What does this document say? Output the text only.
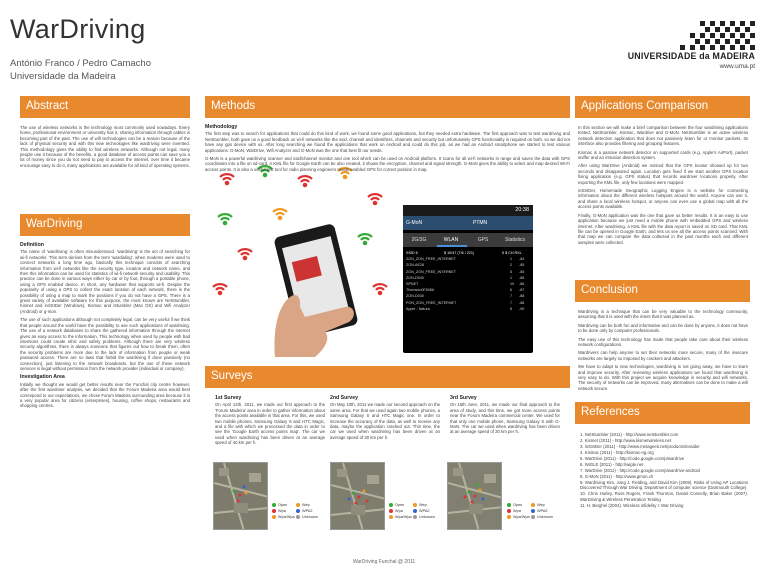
WarDriving
António Franco / Pedro Camacho
Universidade da Madeira
UNIVERSIDADE da MADEIRA
www.uma.pt
Abstract
The use of wireless networks is the technology most commonly used nowadays. Every home, professional environment or university has it, sharing information through cables is becoming part of the past. The use of wifi technologies can be a reason because of the lack of physical security and with this new technologies like wardriving were invented. This methodology gives the ability to find wireless networks. Although not legal, many people use it because of the benefits, a good database of access points can save you a lot of money since you do not need to pay to access the internet, over time it became encourage easy to do it, many applications are available for all kind of operating systems.
WarDriving
Definition
The name of 'wardriving' is often misunderstood. 'wardriving' is the act of searching for wi-fi networks. This term derives from the term 'wardialing', when modems were used to connect networks a long time ago, basically this technique consists of searching information from wi-fi networks like the security type, location and network name, and then this information can be used for statistics of wi-fi network security and usability. This practice can be done in various ways either by car or by foot, through a portable phone, using a GPS enabled device. In short, any hardware that supports wi-fi. Despite the popularity of using a GPS to collect the exact location of each network, there is the possibility of using a map to mark the positions if you do not have a GPS. There is a great variety of available software for this purpose, the most known are NetStumbler, Kismet and inSSIDer (Windows), Kismac and iStumbler (Mac OS) and Wifi Analyzer (Android) or g-mon.
The use of such applications although not completely legal, can be very useful if we think that people around the world have the possibility to use such applications of wardriving. The use of a network databases to share the gathered information through the internet gives an easy access to the information. This technology when used by people with bad intentions could create ethic and safety problems. Although there are very wireless security algorithms, there is always someone that figures out how to break them, often the security problems are more due to the lack of information from people or weak password access. There are no laws that forbid the wardriving if done passively (no connection), just listening to the network broadcasts, but the use of these network services is ilegal without permission from the network provider (individual or company).
Investigation Area
Initially we thought we would get better results near the Funchal city centre however, after the first wardriver analysis, we decided that the Forum Madeira area would best correspond to our expectations, we chose Forum Madeira surrounding area because it is a very popular area for citizens (enterprises), housing, coffee shops, restaurants and shopping centres.
Methods
Methodology
The first step was to search for applications that could do this kind of work, we found some good applications, but they needed extra hardware. The first approach was to test wardriving and NetStumbler, both gave us a good feedback on wi-fi networks like the ssid, channel and identifiers, channels and security but unfortunately GPS functionality is required on both, so we did not have any gps device with us. After long searching we found the applications that work on Android and could do this job, as we had an Android smartphone we started to test various applications: G-MoN, WarDrive, Wifi Analyzer and G-MoN was the one that best fit our needs.
G-MoN is a powerful wardriving scanner and ssid/channel monitor and one tool which can be used on Android platform. It scans for all wi-fi networks in range and saves the data with GPS coordinates into a file on sd-card. A KML file for Google Earth can be also created, it shows the encryption, channel and signal strength. G-MoN gives the ability to select and map desired Wi-Fi access points. It is also a useful test tool for radio planning engineers needs enabled GPS for correct position in map.
20:38
G-MoN	PTMN
2G/3G	WLAN	GPS	Statistics
SSID 6	$ 10/47 (7/6 / 221)	5 $ CH RXL
ZON_ZON_FREE_INTERNET	1 -84
ZON-AE28	2 -85
ZON_ZON_FREE_INTERNET	6 -85
ZON-D940	1 -86
SPNET	10 -86
Thomson0F8086	6 -87
ZON-D030	7 -88
PON_ZON_FREE_INTERNET	7 -88
Apple - Natura	8 -90
Surveys
1st Survey
On April 14th, 2011, we made our first approach to the 'Forum Madeira' area in order to gather information about the access points available in that area. For this, we used two mobile phones, Samsung Galaxy S and HTC Magic, and a file with which we processed the data in order to see the 'Google Earth access points map'. The car we used when wardriving has been driven at an average speed of 40 km per h.
2nd Survey
On May 10th, 2011 we made our second approach on the same area. For that we used again two mobile phones, a Samsung Galaxy S and HTC Magic one. In order to increase the accuracy of the data, as well to receive any data, maybe the application crashed out. This time, the car we used when wardriving has been driven at an average speed of 30 km per h.
3rd Survey
On 15th June, 2011, we made our final approach to the area of study, and this time, we got more access points near the Forum Madeira commercial center. We used for that only one mobile phone, Samsung Galaxy S with G-MoN. The car we used when wardriving has been driven at an average speed of 20 km per h.
Open
Wpa
Wpa/Wpa
Wep
WPA2
Unknown
Open
Wpa
Wpa/Wpa
Wep
WPA2
Unknown
Open
Wpa
Wpa/Wpa
Wep
WPA2
Unknown
Applications Comparison
In this section we will make a brief comparison between the four wardriving applications tested, NetStumbler, Kismac, Wardrive and G-MoN. NetStumbler is an active wireless network detection application that does not passively listen for or monitor packets. Its interface also provides filtering and grouping features.
Kismac is a passive network detector on supported cards (e.g. Apple's AirPort), packet sniffer and an intrusion detection system.
After using WarDrive (Android) we noticed that the GPS locator showed up for two seconds and disappeared again. Location gets fixed if we start another GPS location fixing application (e.g. GPS status) that records wardriver locations properly. After exporting the KML file, only few locations were mapped.
inSSIDer, Homemade Geographic Logging Engine is a website for connecting information about the different wireless hotspots around the world. Anyone can use it, and share a local wireless hotspot, or anyone can even use a global map with all the access points available.
Finally, G-MoN application was the one that gave us better results. It is an easy to use application because we just need a mobile phone with embedded GPS and wireless internet. After wardriving, a KML file with the data report is saved on SD card. That KML file can be opened in Google Earth, and lets us see all the access points scanned. With that map we can compare the data collected in the past months each and different samples were collected.
Conclusion
Wardriving is a technique that can be very valuable to the technology community, assuming that it is used with the intent that it was planned as.
Wardriving can be both fun and informative and can be done by anyone, it does not have to be done only by computer professionals.
The easy use of this technology has made that people take care about their wireless network configurations.
Wardrivers can help anyone to set their networks more secure, many of the insecure networks are largely so imposed by crackers and attackers.
We have to adapt to new technologies, wardriving is not going away, we have to learn and improve security. After reviewing wireless applications we found that wardriving is very easy to do. With this project we acquire knowledge in security and wifi networks. The security of networks can be improved, many alternatives can be done to make a wifi network secure.
References
1. NetStumbler (2011) - http://www.netstumbler.com
2. Kismet (2011) - http://www.kismetwireless.net
3. inSSIDer (2011) - http://www.metageek.net/products/inssider
4. Kismac (2011) - http://kismac-ng.org
5. WarDrive (2011) - http://code.google.com/p/wardrive
6. WiGLE (2011) - http://wigle.net
7. WarDrive (2011) - http://code.google.com/p/wardrive-android
8. G-MoN (2011) - http://www.gmon.ch
9. Wardriving Kim, Jong J. Fielding, and David Kim (2005). Risks of Using AP Locations Discovered Through War Driving. Department of computer science (Dartmouth College)
10. Chris Hurley, Russ Rogers, Frank Thornton, Daniel Connelly, Brian Baker (2007). WarDriving & Wireless Penetration Testing
11. H. Berghel (2004). Wireless infidelity I: War Driving
WarDriving Funchal @ 2011
